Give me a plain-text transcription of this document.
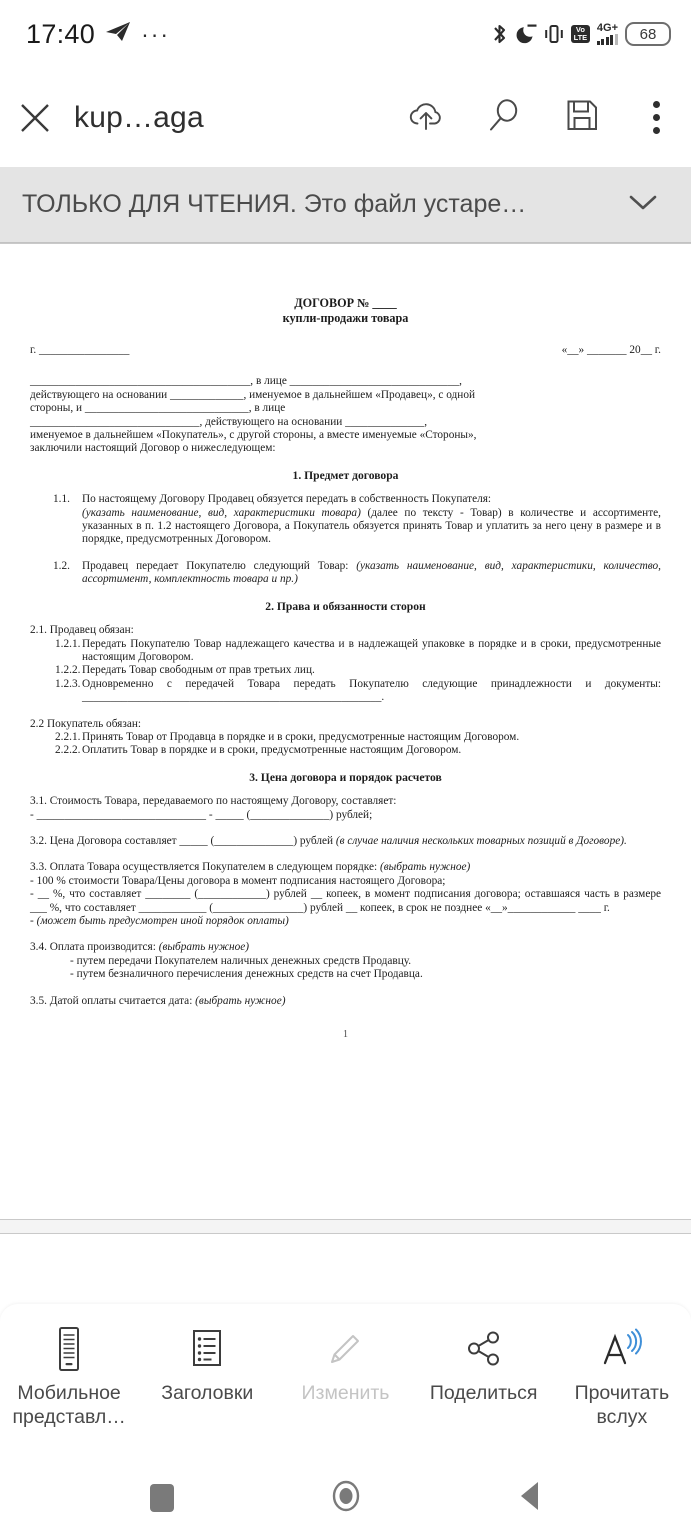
17:40 ···	Vo
LTE
4G+	68
kup…aga
ТОЛЬКО ДЛЯ ЧТЕНИЯ. Это файл устаре…
ДОГОВОР № ____
купли-продажи товара
г. ________________	«__» _______ 20__ г.
_______________________________________, в лице ______________________________,
действующего на основании _____________, именуемое в дальнейшем «Продавец», с одной
стороны, и _____________________________, в лице
______________________________, действующего на основании ______________,
именуемое в дальнейшем «Покупатель», с другой стороны, а вместе именуемые «Стороны»,
заключили настоящий Договор о нижеследующем:
1. Предмет договора
1.1.	По настоящему Договору Продавец обязуется передать в собственность Покупателя:
(указать наименование, вид, характеристики товара) (далее по тексту - Товар) в количестве и ассортименте, указанных в п. 1.2 настоящего Договора, а Покупатель обязуется принять Товар и уплатить за него цену в размере и в порядке, предусмотренных Договором.
1.2.	Продавец передает Покупателю следующий Товар: (указать наименование, вид, характеристики, количество, ассортимент, комплектность товара и пр.)
2. Права и обязанности сторон
2.1. Продавец обязан:
1.2.1. Передать Покупателю Товар надлежащего качества и в надлежащей упаковке в порядке и в сроки, предусмотренные настоящим Договором.
1.2.2. Передать Товар свободным от прав третьих лиц.
1.2.3. Одновременно с передачей Товара передать Покупателю следующие принадлежности и документы: _____________________________________________________.
2.2 Покупатель обязан:
2.2.1. Принять Товар от Продавца в порядке и в сроки, предусмотренные настоящим Договором.
2.2.2. Оплатить Товар в порядке и в сроки, предусмотренные настоящим Договором.
3. Цена договора и порядок расчетов
3.1. Стоимость Товара, передаваемого по настоящему Договору, составляет:
- ______________________________ - _____ (______________) рублей;
3.2. Цена Договора составляет _____ (______________) рублей (в случае наличия нескольких товарных позиций в Договоре).
3.3. Оплата Товара осуществляется Покупателем в следующем порядке: (выбрать нужное)
- 100 % стоимости Товара/Цены договора в момент подписания настоящего Договора;
- __ %, что составляет ________ (____________) рублей __ копеек, в момент подписания договора; оставшаяся часть в размере ___ %, что составляет ____________ (________________) рублей __ копеек, в срок не позднее «__»____________ ____ г.
- (может быть предусмотрен иной порядок оплаты)
3.4. Оплата производится: (выбрать нужное)
- путем передачи Покупателем наличных денежных средств Продавцу.
- путем безналичного перечисления денежных средств на счет Продавца.
3.5. Датой оплаты считается дата: (выбрать нужное)
1
Мобильное представл…
Заголовки Изменить Поделиться	Прочитать вслух
